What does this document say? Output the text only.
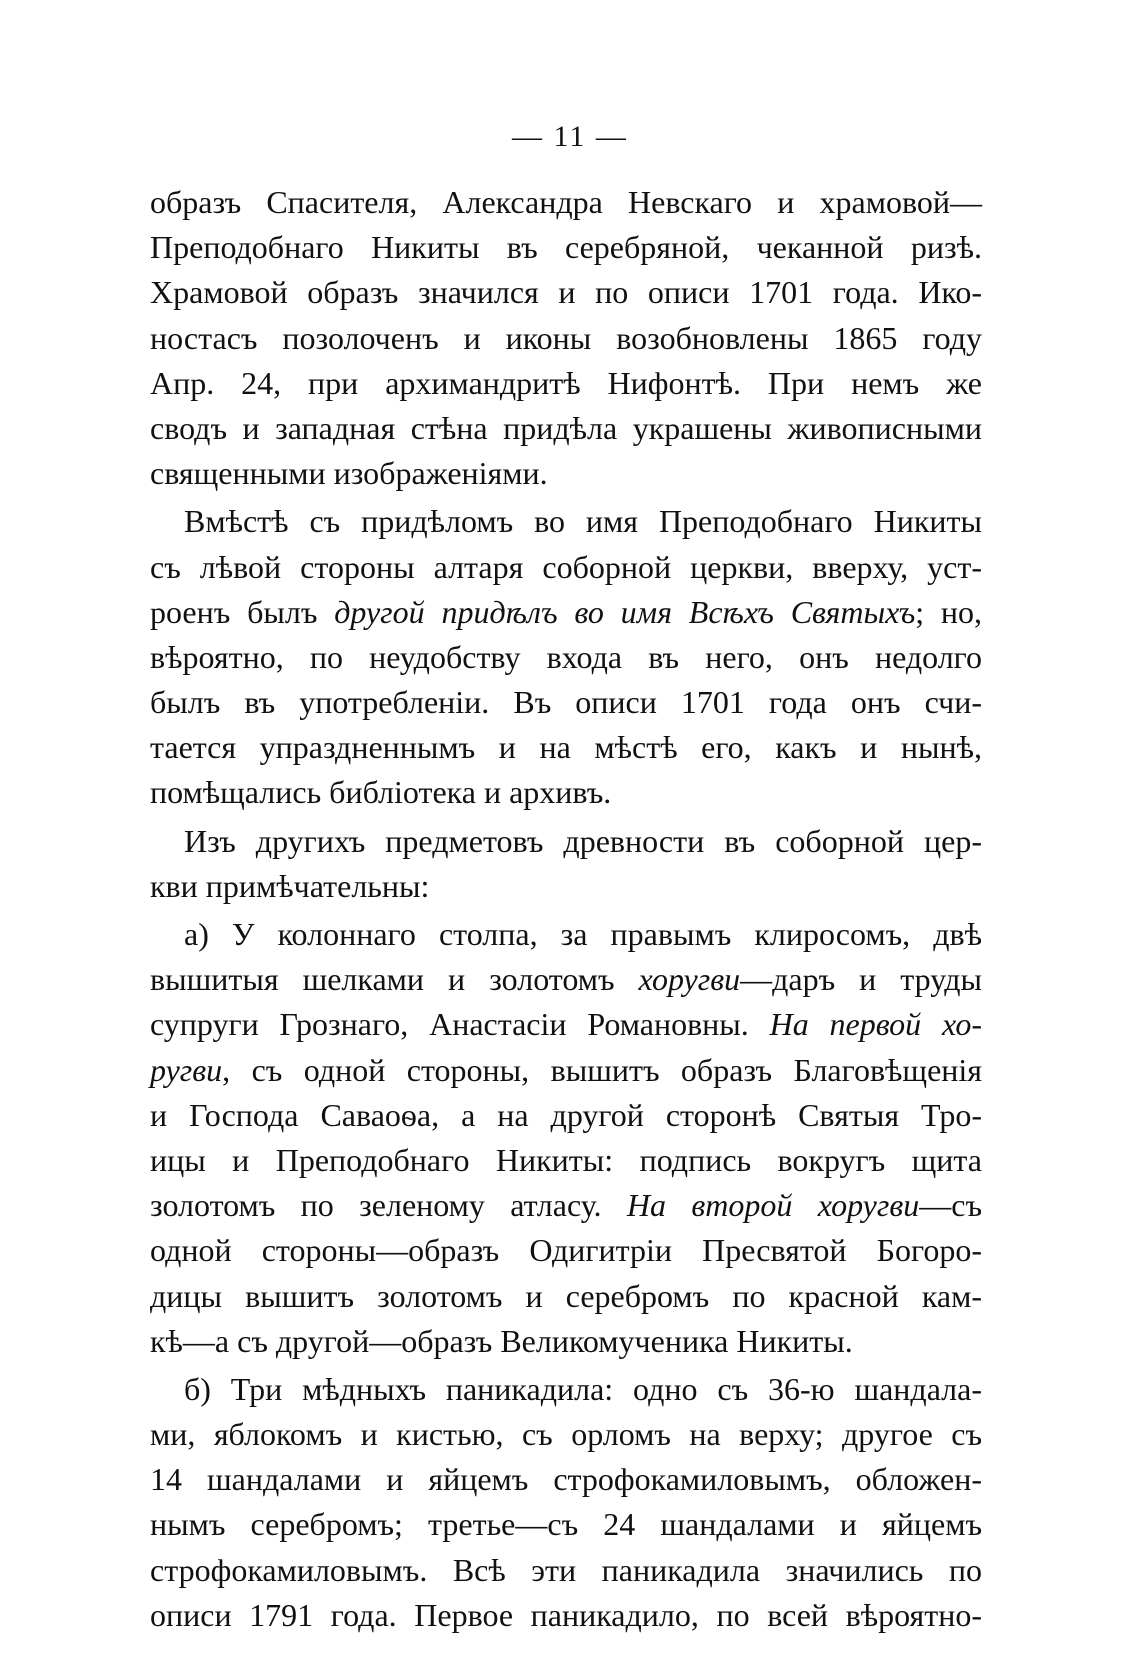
— 11 —
образъ Спасителя, Александра Невскаго и храмовой—
Преподобнаго Никиты въ серебряной, чеканной ризѣ.
Храмовой образъ значился и по описи 1701 года. Ико-
ностасъ позолоченъ и иконы возобновлены 1865 году
Апр. 24, при архимандритѣ Нифонтѣ. При немъ же
сводъ и западная стѣна придѣла украшены живописными
священными изображеніями.
Вмѣстѣ съ придѣломъ во имя Преподобнаго Никиты
съ лѣвой стороны алтаря соборной церкви, вверху, уст-
роенъ былъ другой придѣлъ во имя Всѣхъ Святыхъ; но,
вѣроятно, по неудобству входа въ него, онъ недолго
былъ въ употребленіи. Въ описи 1701 года онъ счи-
тается упраздненнымъ и на мѣстѣ его, какъ и нынѣ,
помѣщались библіотека и архивъ.
Изъ другихъ предметовъ древности въ соборной цер-
кви примѣчательны:
а) У колоннаго столпа, за правымъ клиросомъ, двѣ
вышитыя шелками и золотомъ хоругви—даръ и труды
супруги Грознаго, Анастасіи Романовны. На первой хо-
ругви, съ одной стороны, вышитъ образъ Благовѣщенія
и Господа Саваоѳа, а на другой сторонѣ Святыя Тро-
ицы и Преподобнаго Никиты: подпись вокругъ щита
золотомъ по зеленому атласу. На второй хоругви—съ
одной стороны—образъ Одигитріи Пресвятой Богоро-
дицы вышитъ золотомъ и серебромъ по красной кам-
кѣ—а съ другой—образъ Великомученика Никиты.
б) Три мѣдныхъ паникадила: одно съ 36-ю шандала-
ми, яблокомъ и кистью, съ орломъ на верху; другое съ
14 шандалами и яйцемъ строфокамиловымъ, обложен-
нымъ серебромъ; третье—съ 24 шандалами и яйцемъ
строфокамиловымъ. Всѣ эти паникадила значились по
описи 1791 года. Первое паникадило, по всей вѣроятно-
